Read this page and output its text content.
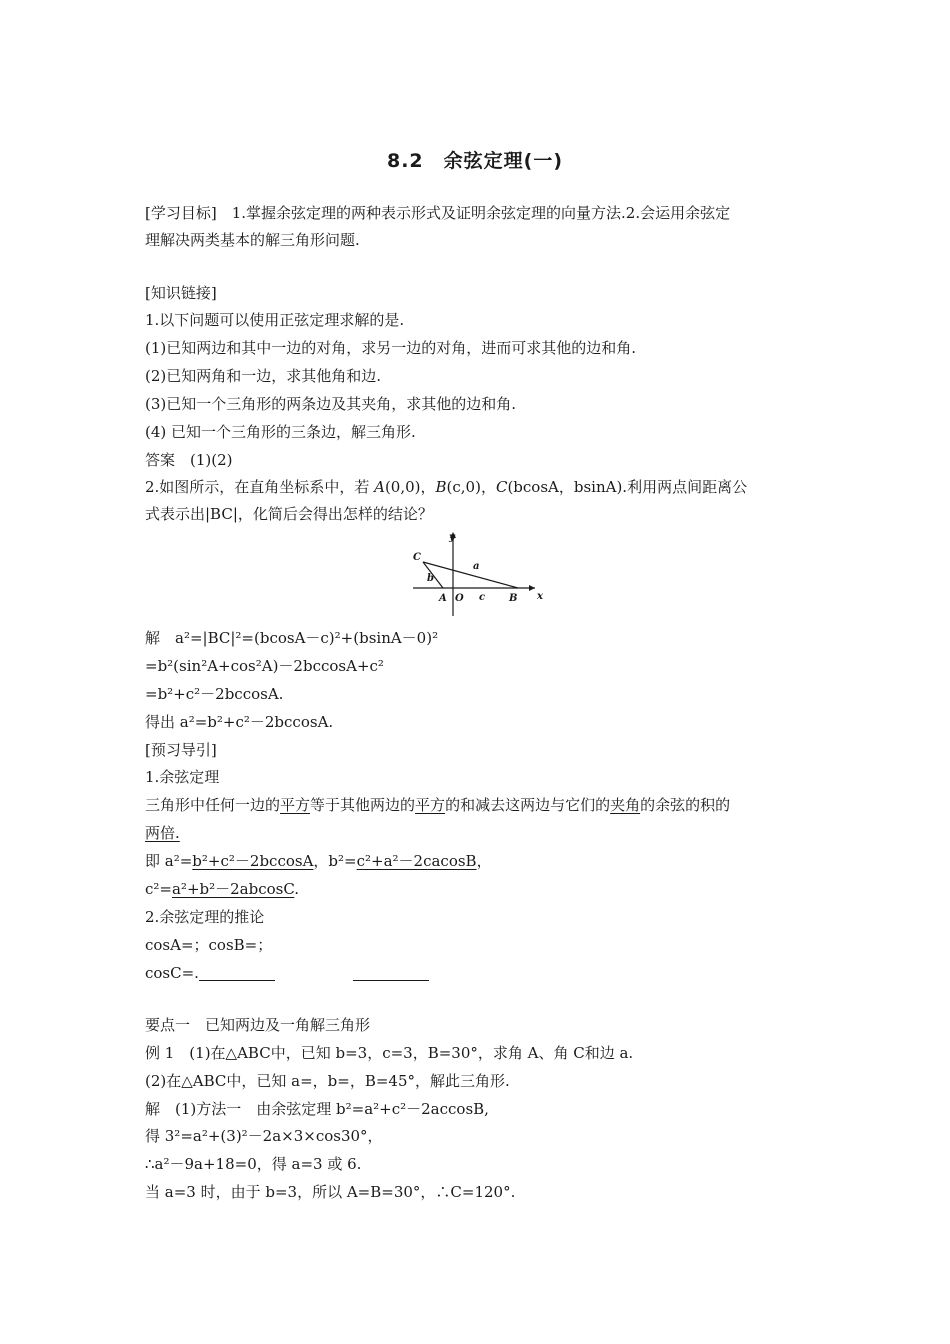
8.2　余弦定理(一)
[学习目标]　1.掌握余弦定理的两种表示形式及证明余弦定理的向量方法.2.会运用余弦定
理解决两类基本的解三角形问题.
[知识链接]
1.以下问题可以使用正弦定理求解的是.
(1)已知两边和其中一边的对角，求另一边的对角，进而可求其他的边和角.
(2)已知两角和一边，求其他角和边.
(3)已知一个三角形的两条边及其夹角，求其他的边和角.
(4) 已知一个三角形的三条边，解三角形.
答案　(1)(2)
2.如图所示，在直角坐标系中，若 A(0,0)，B(c,0)，C(bcosA，bsinA).利用两点间距离公
式表示出|BC|，化简后会得出怎样的结论？
y
x
C
a
b
A O c B
解　a²=|BC|²=(bcosA－c)²+(bsinA－0)²
=b²(sin²A+cos²A)－2bccosA+c²
=b²+c²－2bccosA.
得出 a²=b²+c²－2bccosA.
[预习导引]
1.余弦定理
三角形中任何一边的平方等于其他两边的平方的和减去这两边与它们的夹角的余弦的积的
两倍.
即 a²=b²+c²－2bccosA，b²=c²+a²－2cacosB，
c²=a²+b²－2abcosC.
2.余弦定理的推论
cosA=；cosB=；
cosC=.
要点一　已知两边及一角解三角形
例 1　(1)在△ABC中，已知 b=3，c=3，B=30°，求角 A、角 C和边 a.
(2)在△ABC中，已知 a=，b=，B=45°，解此三角形.
解　(1)方法一　由余弦定理 b²=a²+c²－2accosB,
得 3²=a²+(3)²－2a×3×cos30°，
∴a²－9a+18=0，得 a=3 或 6.
当 a=3 时，由于 b=3，所以 A=B=30°，∴C=120°.
